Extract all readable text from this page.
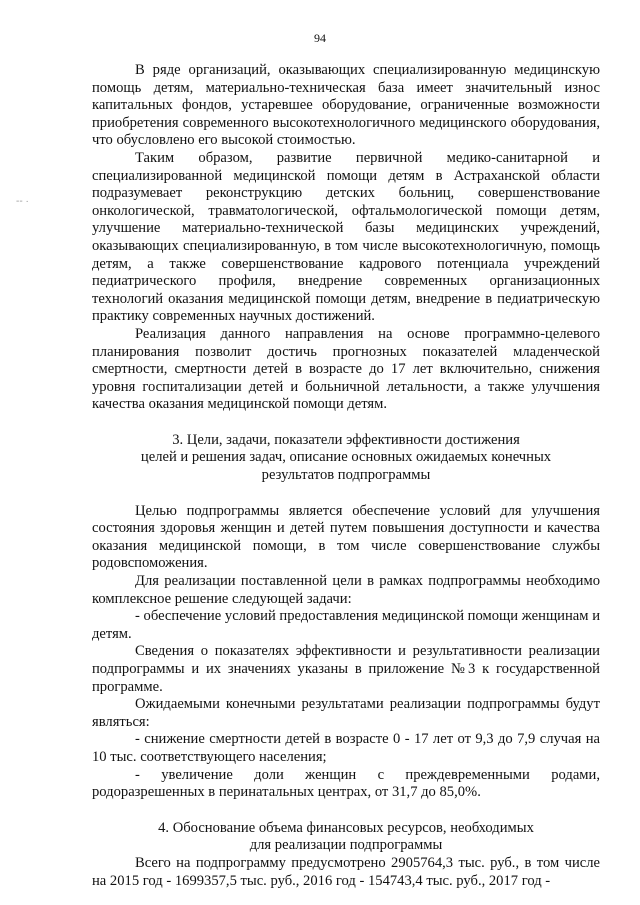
94
-- ·

В ряде организаций, оказывающих специализированную медицинскую помощь детям, материально-техническая база имеет значительный износ капитальных фондов, устаревшее оборудование, ограниченные возможности приобретения современного высокотехнологичного медицинского оборудования, что обусловлено его высокой стоимостью.

Таким образом, развитие первичной медико-санитарной и специализированной медицинской помощи детям в Астраханской области подразумевает реконструкцию детских больниц, совершенствование онкологической, травматологической, офтальмологической помощи детям, улучшение материально-технической базы медицинских учреждений, оказывающих специализированную, в том числе высокотехнологичную, помощь детям, а также совершенствование кадрового потенциала учреждений педиатрического профиля, внедрение современных организационных технологий оказания медицинской помощи детям, внедрение в педиатрическую практику современных научных достижений.

Реализация данного направления на основе программно-целевого планирования позволит достичь прогнозных показателей младенческой смертности, смертности детей в возрасте до 17 лет включительно, снижения уровня госпитализации детей и больничной летальности, а также улучшения качества оказания медицинской помощи детям.

3. Цели, задачи, показатели эффективности достижения
целей и решения задач, описание основных ожидаемых конечных
результатов подпрограммы

Целью подпрограммы является обеспечение условий для улучшения состояния здоровья женщин и детей путем повышения доступности и качества оказания медицинской помощи, в том числе совершенствование службы родовспоможения.

Для реализации поставленной цели в рамках подпрограммы необходимо комплексное решение следующей задачи:

- обеспечение условий предоставления медицинской помощи женщинам и детям.

Сведения о показателях эффективности и результативности реализации подпрограммы и их значениях указаны в приложение №3 к государственной программе.

Ожидаемыми конечными результатами реализации подпрограммы будут являться:

- снижение смертности детей в возрасте 0 - 17 лет от 9,3 до 7,9 случая на 10 тыс. соответствующего населения;

- увеличение доли женщин с преждевременными родами, родоразрешенных в перинатальных центрах, от 31,7 до 85,0%.

4. Обоснование объема финансовых ресурсов, необходимых
для реализации подпрограммы

Всего на подпрограмму предусмотрено 2905764,3 тыс. руб., в том числе на 2015 год - 1699357,5 тыс. руб., 2016 год - 154743,4 тыс. руб., 2017 год -
